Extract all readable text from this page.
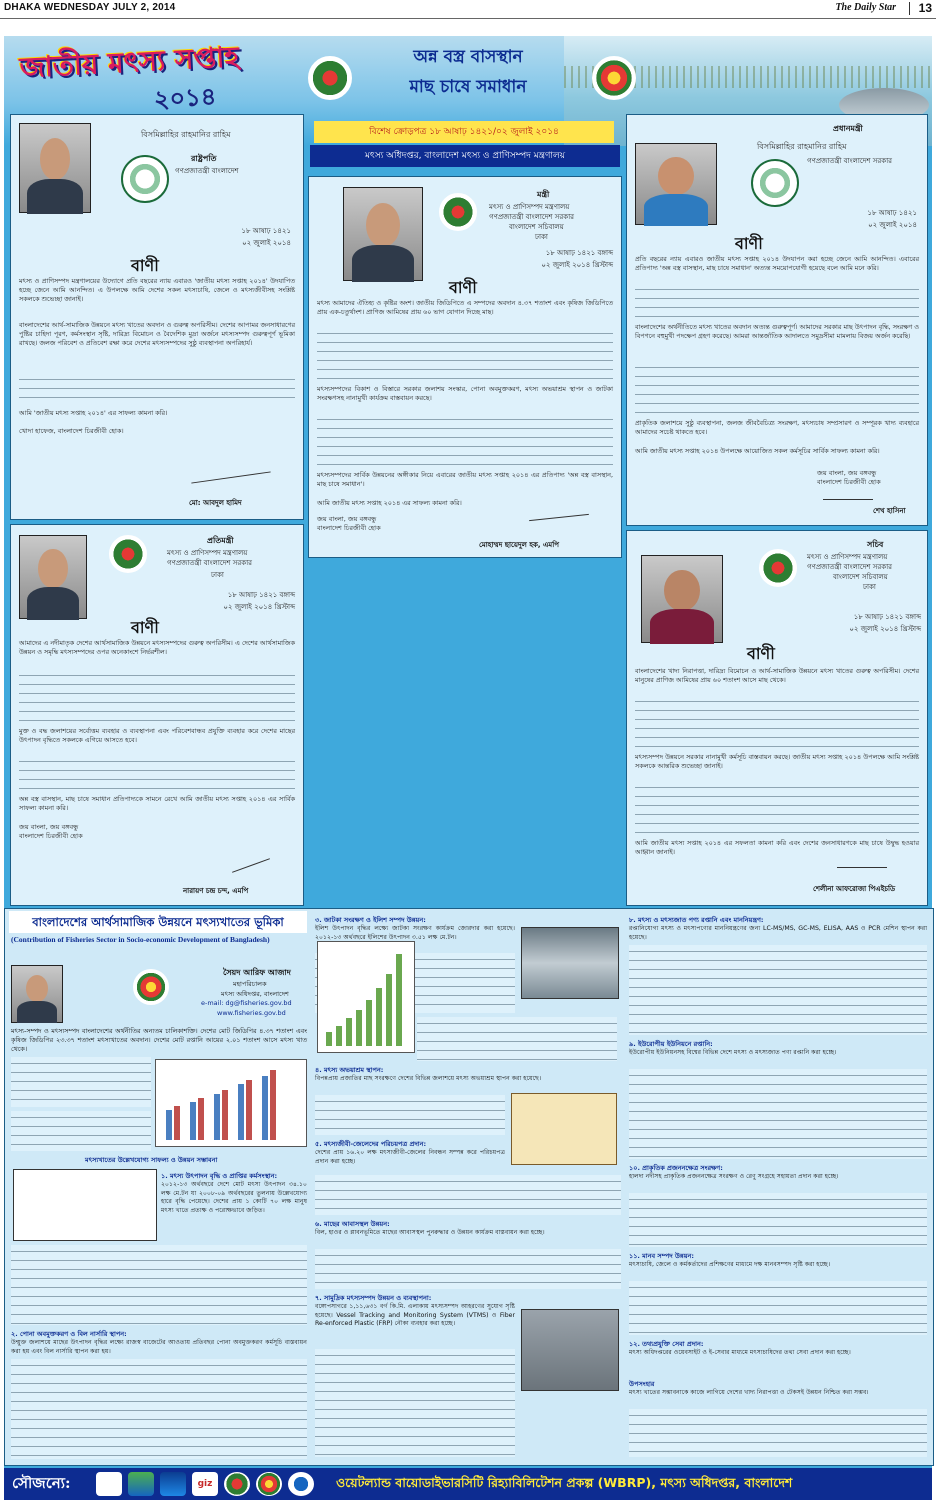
DHAKA WEDNESDAY JULY 2, 2014	The Daily Star 13
জাতীয় মৎস্য সপ্তাহ
২০১৪
অন্ন বস্ত্র বাসস্থান
মাছ চাষে সমাধান
বিশেষ ক্রোড়পত্র ১৮ আষাঢ় ১৪২১/০২ জুলাই ২০১৪
মৎস্য অধিদপ্তর, বাংলাদেশ মৎস্য ও প্রাণিসম্পদ মন্ত্রণালয়
বিসমিল্লাহির রাহমানির রাহিম
রাষ্ট্রপতি
গণপ্রজাতন্ত্রী বাংলাদেশ
১৮ আষাঢ় ১৪২১
০২ জুলাই ২০১৪
বাণী
মৎস্য ও প্রাণিসম্পদ মন্ত্রণালয়ের উদ্যোগে প্রতি বছরের ন্যায় এবারও 'জাতীয় মৎস্য সপ্তাহ ২০১৪' উদযাপিত হচ্ছে জেনে আমি আনন্দিত। এ উপলক্ষে আমি দেশের সকল মৎস্যচাষি, জেলে ও মৎস্যজীবীসহ সংশ্লিষ্ট সকলকে শুভেচ্ছা জানাই।
বাংলাদেশের আর্থ-সামাজিক উন্নয়নে মৎস্য খাতের অবদান ও গুরুত্ব অপরিসীম। দেশের আপামর জনসাধারণের পুষ্টির চাহিদা পূরণ, কর্মসংস্থান সৃষ্টি, দারিদ্র্য বিমোচন ও বৈদেশিক মুদ্রা অর্জনে মৎস্যসম্পদ গুরুত্বপূর্ণ ভূমিকা রাখছে। জলজ পরিবেশ ও প্রতিবেশ রক্ষা করে দেশের মৎস্যসম্পদের সুষ্ঠু ব্যবস্থাপনা অপরিহার্য।
আমি 'জাতীয় মৎস্য সপ্তাহ ২০১৪' এর সাফল্য কামনা করি।
খোদা হাফেজ, বাংলাদেশ চিরজীবী হোক।
মো: আবদুল হামিদ
মন্ত্রী
মৎস্য ও প্রাণিসম্পদ মন্ত্রণালয়
গণপ্রজাতন্ত্রী বাংলাদেশ সরকার
বাংলাদেশ সচিবালয়
ঢাকা
১৮ আষাঢ় ১৪২১ বঙ্গাব্দ
০২ জুলাই ২০১৪ খ্রিস্টাব্দ
বাণী
মৎস্য আমাদের ঐতিহ্য ও কৃষ্টির অংশ। জাতীয় জিডিপিতে এ সম্পদের অবদান ৪.৩৭ শতাংশ এবং কৃষিজ জিডিপিতে প্রায় এক-চতুর্থাংশ। প্রাণিজ আমিষের প্রায় ৬০ ভাগ যোগান দিচ্ছে মাছ।
মৎস্যসম্পদের বিকাশ ও বিস্তারে সরকার জলাশয় সংস্কার, পোনা অবমুক্তকরণ, মৎস্য অভয়াশ্রম স্থাপন ও জাটকা সংরক্ষণসহ নানামুখী কার্যক্রম বাস্তবায়ন করছে।
মৎস্যসম্পদের সার্বিক উন্নয়নের অঙ্গীকার নিয়ে এবারের জাতীয় মৎস্য সপ্তাহ ২০১৪ এর প্রতিপাদ্য 'অন্ন বস্ত্র বাসস্থান, মাছ চাষে সমাধান'।
আমি জাতীয় মৎস্য সপ্তাহ ২০১৪ এর সাফল্য কামনা করি।
জয় বাংলা, জয় বঙ্গবন্ধু
বাংলাদেশ চিরজীবী হোক
মোহাম্মদ ছায়েদুল হক, এমপি
প্রধানমন্ত্রী
বিসমিল্লাহির রাহমানির রাহিম
গণপ্রজাতন্ত্রী বাংলাদেশ সরকার
১৮ আষাঢ় ১৪২১
০২ জুলাই ২০১৪
বাণী
প্রতি বছরের ন্যায় এবারও জাতীয় মৎস্য সপ্তাহ ২০১৪ উদযাপন করা হচ্ছে জেনে আমি আনন্দিত। এবারের প্রতিপাদ্য 'অন্ন বস্ত্র বাসস্থান, মাছ চাষে সমাধান' অত্যন্ত সময়োপযোগী হয়েছে বলে আমি মনে করি।
বাংলাদেশের অর্থনীতিতে মৎস্য খাতের অবদান অত্যন্ত গুরুত্বপূর্ণ। আমাদের সরকার মাছ উৎপাদন বৃদ্ধি, সংরক্ষণ ও বিপণনে বহুমুখী পদক্ষেপ গ্রহণ করেছে। আমরা আন্তর্জাতিক আদালতে সমুদ্রসীমা মামলায় বিজয় অর্জন করেছি।
প্রাকৃতিক জলাশয়ে সুষ্ঠু ব্যবস্থাপনা, জলজ জীববৈচিত্র্য সংরক্ষণ, মৎস্যচাষ সম্প্রসারণ ও সম্পূরক খাদ্য ব্যবহারে আমাদের সচেষ্ট থাকতে হবে।
আমি জাতীয় মৎস্য সপ্তাহ ২০১৪ উপলক্ষে আয়োজিত সকল কর্মসূচির সার্বিক সাফল্য কামনা করি।
জয় বাংলা, জয় বঙ্গবন্ধু
বাংলাদেশ চিরজীবী হোক
শেখ হাসিনা
প্রতিমন্ত্রী
মৎস্য ও প্রাণিসম্পদ মন্ত্রণালয়
গণপ্রজাতন্ত্রী বাংলাদেশ সরকার
ঢাকা
১৮ আষাঢ় ১৪২১ বঙ্গাব্দ
০২ জুলাই ২০১৪ খ্রিস্টাব্দ
বাণী
আমাদের এ নদীমাতৃক দেশের আর্থসামাজিক উন্নয়নে মৎস্যসম্পদের গুরুত্ব অপরিসীম। এ দেশের আর্থসামাজিক উন্নয়ন ও সমৃদ্ধি মৎস্যসম্পদের ওপর অনেকাংশে নির্ভরশীল।
মুক্ত ও বদ্ধ জলাশয়ের সর্বোত্তম ব্যবহার ও ব্যবস্থাপনা এবং পরিবেশবান্ধব প্রযুক্তি ব্যবহার করে দেশের মাছের উৎপাদন বৃদ্ধিতে সকলকে এগিয়ে আসতে হবে।
অন্ন বস্ত্র বাসস্থান, মাছ চাষে সমাধান প্রতিপাদ্যকে সামনে রেখে আমি জাতীয় মৎস্য সপ্তাহ ২০১৪ এর সার্বিক সাফল্য কামনা করি।
জয় বাংলা, জয় বঙ্গবন্ধু
বাংলাদেশ চিরজীবী হোক
নারায়ণ চন্দ্র চন্দ, এমপি
সচিব
মৎস্য ও প্রাণিসম্পদ মন্ত্রণালয়
গণপ্রজাতন্ত্রী বাংলাদেশ সরকার
বাংলাদেশ সচিবালয়
ঢাকা
১৮ আষাঢ় ১৪২১ বঙ্গাব্দ
০২ জুলাই ২০১৪ খ্রিস্টাব্দ
বাণী
বাংলাদেশের খাদ্য নিরাপত্তা, দারিদ্র্য বিমোচন ও আর্থ-সামাজিক উন্নয়নে মৎস্য খাতের গুরুত্ব অপরিসীম। দেশের মানুষের প্রাণিজ আমিষের প্রায় ৬০ শতাংশ আসে মাছ থেকে।
মৎস্যসম্পদ উন্নয়নে সরকার নানামুখী কর্মসূচি বাস্তবায়ন করছে। জাতীয় মৎস্য সপ্তাহ ২০১৪ উপলক্ষে আমি সংশ্লিষ্ট সকলকে আন্তরিক শুভেচ্ছা জানাই।
আমি জাতীয় মৎস্য সপ্তাহ ২০১৪ এর সফলতা কামনা করি এবং দেশের জনসাধারণকে মাছ চাষে উদ্বুদ্ধ হওয়ার আহ্বান জানাই।
শেলীনা আফরোজা পিএইচডি
বাংলাদেশের আর্থসামাজিক উন্নয়নে মৎস্যখাতের ভূমিকা
(Contribution of Fisheries Sector in Socio-economic Development of Bangladesh)
সৈয়দ আরিফ আজাদ
মহাপরিচালক
মৎস্য অধিদপ্তর, বাংলাদেশ
e-mail: dg@fisheries.gov.bd
www.fisheries.gov.bd
মৎস্য-সম্পদ ও মৎস্যসম্পদ বাংলাদেশের অর্থনীতির অন্যতম চালিকাশক্তি। দেশের মোট জিডিপির ৪.৩৭ শতাংশ এবং কৃষিজ জিডিপির ২৩.৩৭ শতাংশ মৎস্যখাতের অবদান। দেশের মোট রপ্তানি আয়ের ২.০১ শতাংশ আসে মৎস্য খাত থেকে।
মৎস্যখাতের উল্লেখযোগ্য সাফল্য ও উন্নয়ন সম্ভাবনা
১. মৎস্য উৎপাদন বৃদ্ধি ও প্রাপ্তির কর্মসংস্থান:
২০১২-১৩ অর্থবছরে দেশে মোট মৎস্য উৎপাদন ৩৪.১০ লক্ষ মে.টন যা ২০০৮-০৯ অর্থবছরের তুলনায় উল্লেখযোগ্য হারে বৃদ্ধি পেয়েছে। দেশের প্রায় ১ কোটি ৭০ লক্ষ মানুষ মৎস্য খাতে প্রত্যক্ষ ও পরোক্ষভাবে জড়িত।
২. পোনা অবমুক্তকরণ ও বিল নার্সারি স্থাপন:
উন্মুক্ত জলাশয়ে মাছের উৎপাদন বৃদ্ধির লক্ষ্যে রাজস্ব বাজেটের আওতায় প্রতিবছর পোনা অবমুক্তকরণ কর্মসূচি বাস্তবায়ন করা হয় এবং বিল নার্সারি স্থাপন করা হয়।
৩. জাটকা সংরক্ষণ ও ইলিশ সম্পদ উন্নয়ন:
ইলিশ উৎপাদন বৃদ্ধির লক্ষ্যে জাটকা সংরক্ষণ কার্যক্রম জোরদার করা হয়েছে। ২০১২-১৩ অর্থবছরে ইলিশের উৎপাদন ৩.৫১ লক্ষ মে.টন।
৪. মৎস্য অভয়াশ্রম স্থাপন:
বিপন্নপ্রায় প্রজাতির মাছ সংরক্ষণে দেশের বিভিন্ন জলাশয়ে মৎস্য অভয়াশ্রম স্থাপন করা হয়েছে।
৫. মৎস্যজীবী-জেলেদের পরিচয়পত্র প্রদান:
দেশের প্রায় ১৬.২০ লক্ষ মৎস্যজীবী-জেলের নিবন্ধন সম্পন্ন করে পরিচয়পত্র প্রদান করা হচ্ছে।
৬. মাছের আবাসস্থল উন্নয়ন:
বিল, হাওর ও প্লাবনভূমিতে মাছের আবাসস্থল পুনরুদ্ধার ও উন্নয়ন কার্যক্রম বাস্তবায়ন করা হচ্ছে।
৭. সামুদ্রিক মৎস্যসম্পদ উন্নয়ন ও ব্যবস্থাপনা:
বঙ্গোপসাগরে ১,১১,৬৩১ বর্গ কি.মি. এলাকায় মৎস্যসম্পদ আহরণের সুযোগ সৃষ্টি হয়েছে। Vessel Tracking and Monitoring System (VTMS) ও Fiber Re-enforced Plastic (FRP) নৌকা ব্যবহার করা হচ্ছে।
৮. মৎস্য ও মৎস্যজাত পণ্য রপ্তানি এবং মাননিয়ন্ত্রণ:
রপ্তানিযোগ্য মৎস্য ও মৎস্যপণ্যের মাননিয়ন্ত্রণের জন্য LC-MS/MS, GC-MS, ELISA, AAS ও PCR মেশিন স্থাপন করা হয়েছে।
৯. ইউরোপীয় ইউনিয়নে রপ্তানি:
ইউরোপীয় ইউনিয়নসহ বিশ্বের বিভিন্ন দেশে মৎস্য ও মৎস্যজাত পণ্য রপ্তানি করা হচ্ছে।
১০. প্রাকৃতিক প্রজননক্ষেত্র সংরক্ষণ:
হালদা নদীসহ প্রাকৃতিক প্রজননক্ষেত্র সংরক্ষণ ও রেণু সংগ্রহে সহায়তা প্রদান করা হচ্ছে।
১১. মানব সম্পদ উন্নয়ন:
মৎস্যচাষি, জেলে ও কর্মকর্তাদের প্রশিক্ষণের মাধ্যমে দক্ষ মানবসম্পদ সৃষ্টি করা হচ্ছে।
১২. তথ্যপ্রযুক্তি সেবা প্রদান:
মৎস্য অধিদপ্তরের ওয়েবসাইট ও ই-সেবার মাধ্যমে মৎস্যচাষিদের তথ্য সেবা প্রদান করা হচ্ছে।
উপসংহার
মৎস্য খাতের সম্ভাবনাকে কাজে লাগিয়ে দেশের খাদ্য নিরাপত্তা ও টেকসই উন্নয়ন নিশ্চিত করা সম্ভব।
সৌজন্যে:	giz	ওয়েটল্যান্ড বায়োডাইভারসিটি রিহ্যাবিলিটেশন প্রকল্প (WBRP), মৎস্য অধিদপ্তর, বাংলাদেশ
